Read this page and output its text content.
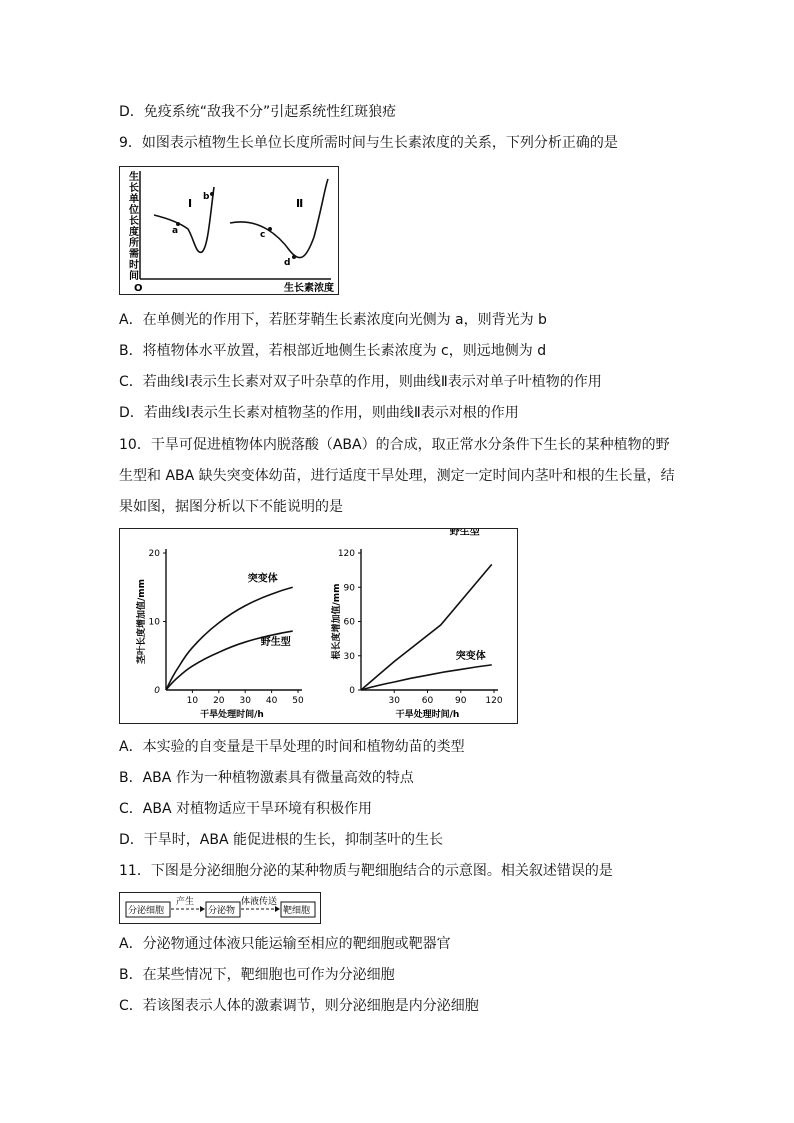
D．免疫系统“敌我不分”引起系统性红斑狼疮
9．如图表示植物生长单位长度所需时间与生长素浓度的关系，下列分析正确的是
生长单位长度所需时间
生长素浓度
O
a
b
Ⅰ
c
d
Ⅱ
A．在单侧光的作用下，若胚芽鞘生长素浓度向光侧为 a，则背光为 b
B．将植物体水平放置，若根部近地侧生长素浓度为 c，则远地侧为 d
C．若曲线Ⅰ表示生长素对双子叶杂草的作用，则曲线Ⅱ表示对单子叶植物的作用
D．若曲线Ⅰ表示生长素对植物茎的作用，则曲线Ⅱ表示对根的作用
10．干旱可促进植物体内脱落酸（ABA）的合成，取正常水分条件下生长的某种植物的野
生型和 ABA 缺失突变体幼苗，进行适度干旱处理，测定一定时间内茎叶和根的生长量，结
果如图，据图分析以下不能说明的是
10 20 30 40 50
10
20
0
干旱处理时间/h
茎叶长度增加值/mm
突变体
野生型
30 60 90 120
0
30
60
90
120
干旱处理时间/h
根长度增加值/mm
野生型
突变体
A．本实验的自变量是干旱处理的时间和植物幼苗的类型
B．ABA 作为一种植物激素具有微量高效的特点
C．ABA 对植物适应干旱环境有积极作用
D．干旱时，ABA 能促进根的生长，抑制茎叶的生长
11．下图是分泌细胞分泌的某种物质与靶细胞结合的示意图。相关叙述错误的是
分泌细胞
产生
分泌物
体液传送
靶细胞
A．分泌物通过体液只能运输至相应的靶细胞或靶器官
B．在某些情况下，靶细胞也可作为分泌细胞
C．若该图表示人体的激素调节，则分泌细胞是内分泌细胞
